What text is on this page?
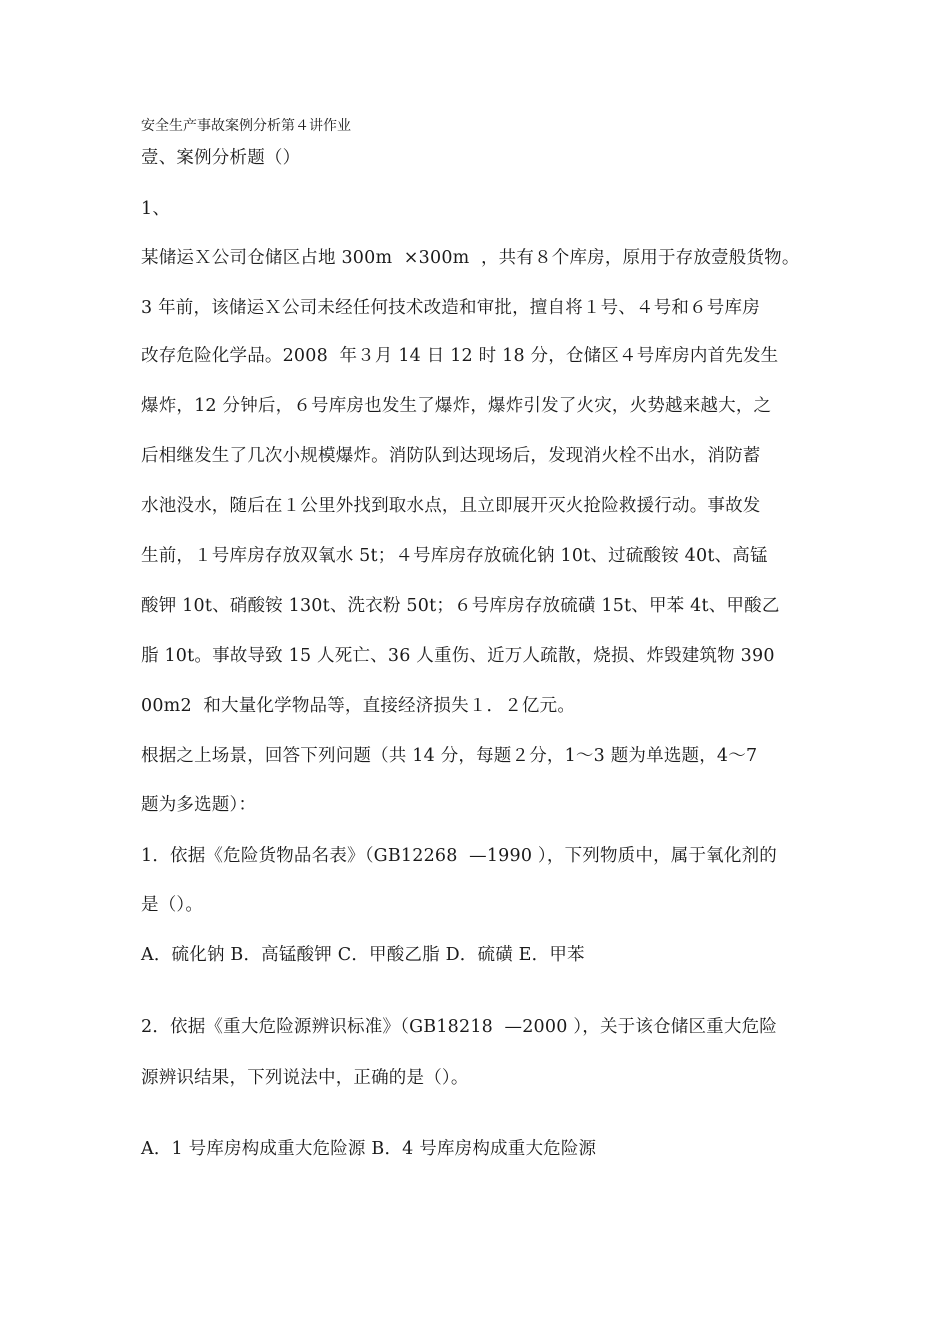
安全生产事故案例分析第４讲作业
壹、案例分析题（）
1、
某储运Ｘ公司仓储区占地 300m  ×300m  ，共有８个库房，原用于存放壹般货物。
3 年前，该储运Ｘ公司未经任何技术改造和审批，擅自将１号、４号和６号库房
改存危险化学品。2008  年３月 14 日 12 时 18 分，仓储区４号库房内首先发生
爆炸，12 分钟后，６号库房也发生了爆炸，爆炸引发了火灾，火势越来越大，之
后相继发生了几次小规模爆炸。消防队到达现场后，发现消火栓不出水，消防蓄
水池没水，随后在１公里外找到取水点，且立即展开灭火抢险救援行动。事故发
生前，１号库房存放双氧水 5t；４号库房存放硫化钠 10t、过硫酸铵 40t、高锰
酸钾 10t、硝酸铵 130t、洗衣粉 50t；６号库房存放硫磺 15t、甲苯 4t、甲酸乙
脂 10t。事故导致 15 人死亡、36 人重伤、近万人疏散，烧损、炸毁建筑物 390
00m2  和大量化学物品等，直接经济损失１．２亿元。
根据之上场景，回答下列问题（共 14 分，每题２分，1～3 题为单选题，4～7
题为多选题）：
1．依据《危险货物品名表》（GB12268  —1990 ），下列物质中，属于氧化剂的
是（）。
A．硫化钠 B．高锰酸钾 C．甲酸乙脂 D．硫磺 E．甲苯
2．依据《重大危险源辨识标准》（GB18218  —2000 ），关于该仓储区重大危险
源辨识结果，下列说法中，正确的是（）。
A．1 号库房构成重大危险源 B．4 号库房构成重大危险源
